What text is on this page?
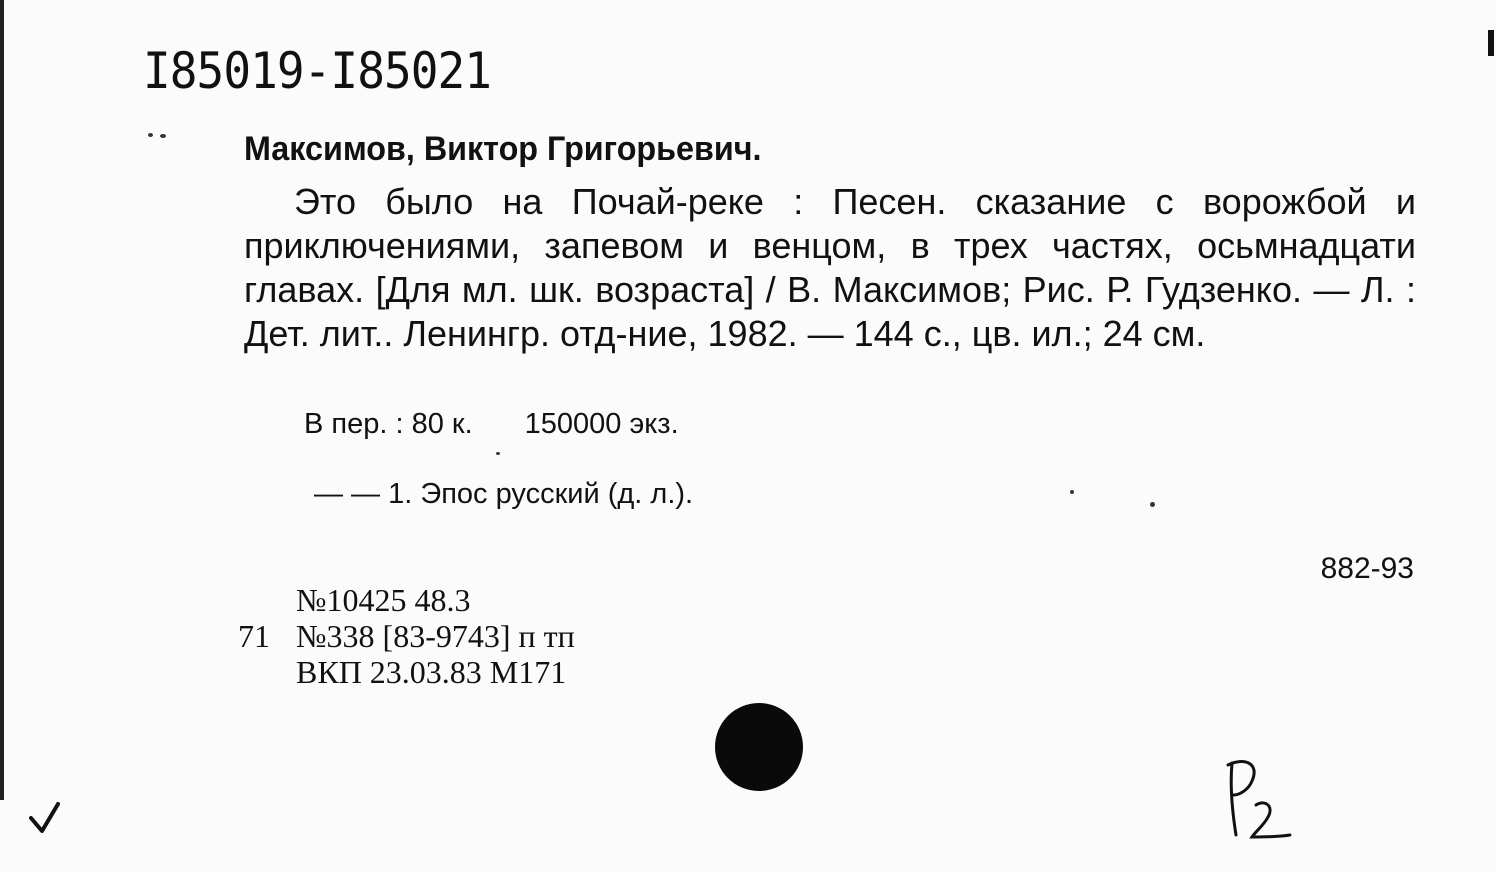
I85019-I85021
Максимов, Виктор Григорьевич.
Это было на Почай-реке : Песен. сказание с ворожбой и приключениями, запевом и венцом, в трех частях, осьмнадцати главах. [Для мл. шк. возраста] / В. Максимов; Рис. Р. Гудзенко. — Л. : Дет. лит.. Ленингр. отд-ние, 1982. — 144 с., цв. ил.; 24 см.
В пер. : 80 к. 150000 экз.
— — 1. Эпос русский (д. л.).
882-93
№10425 48.3
71 №338 [83-9743] п тп
ВКП 23.03.83 М171
